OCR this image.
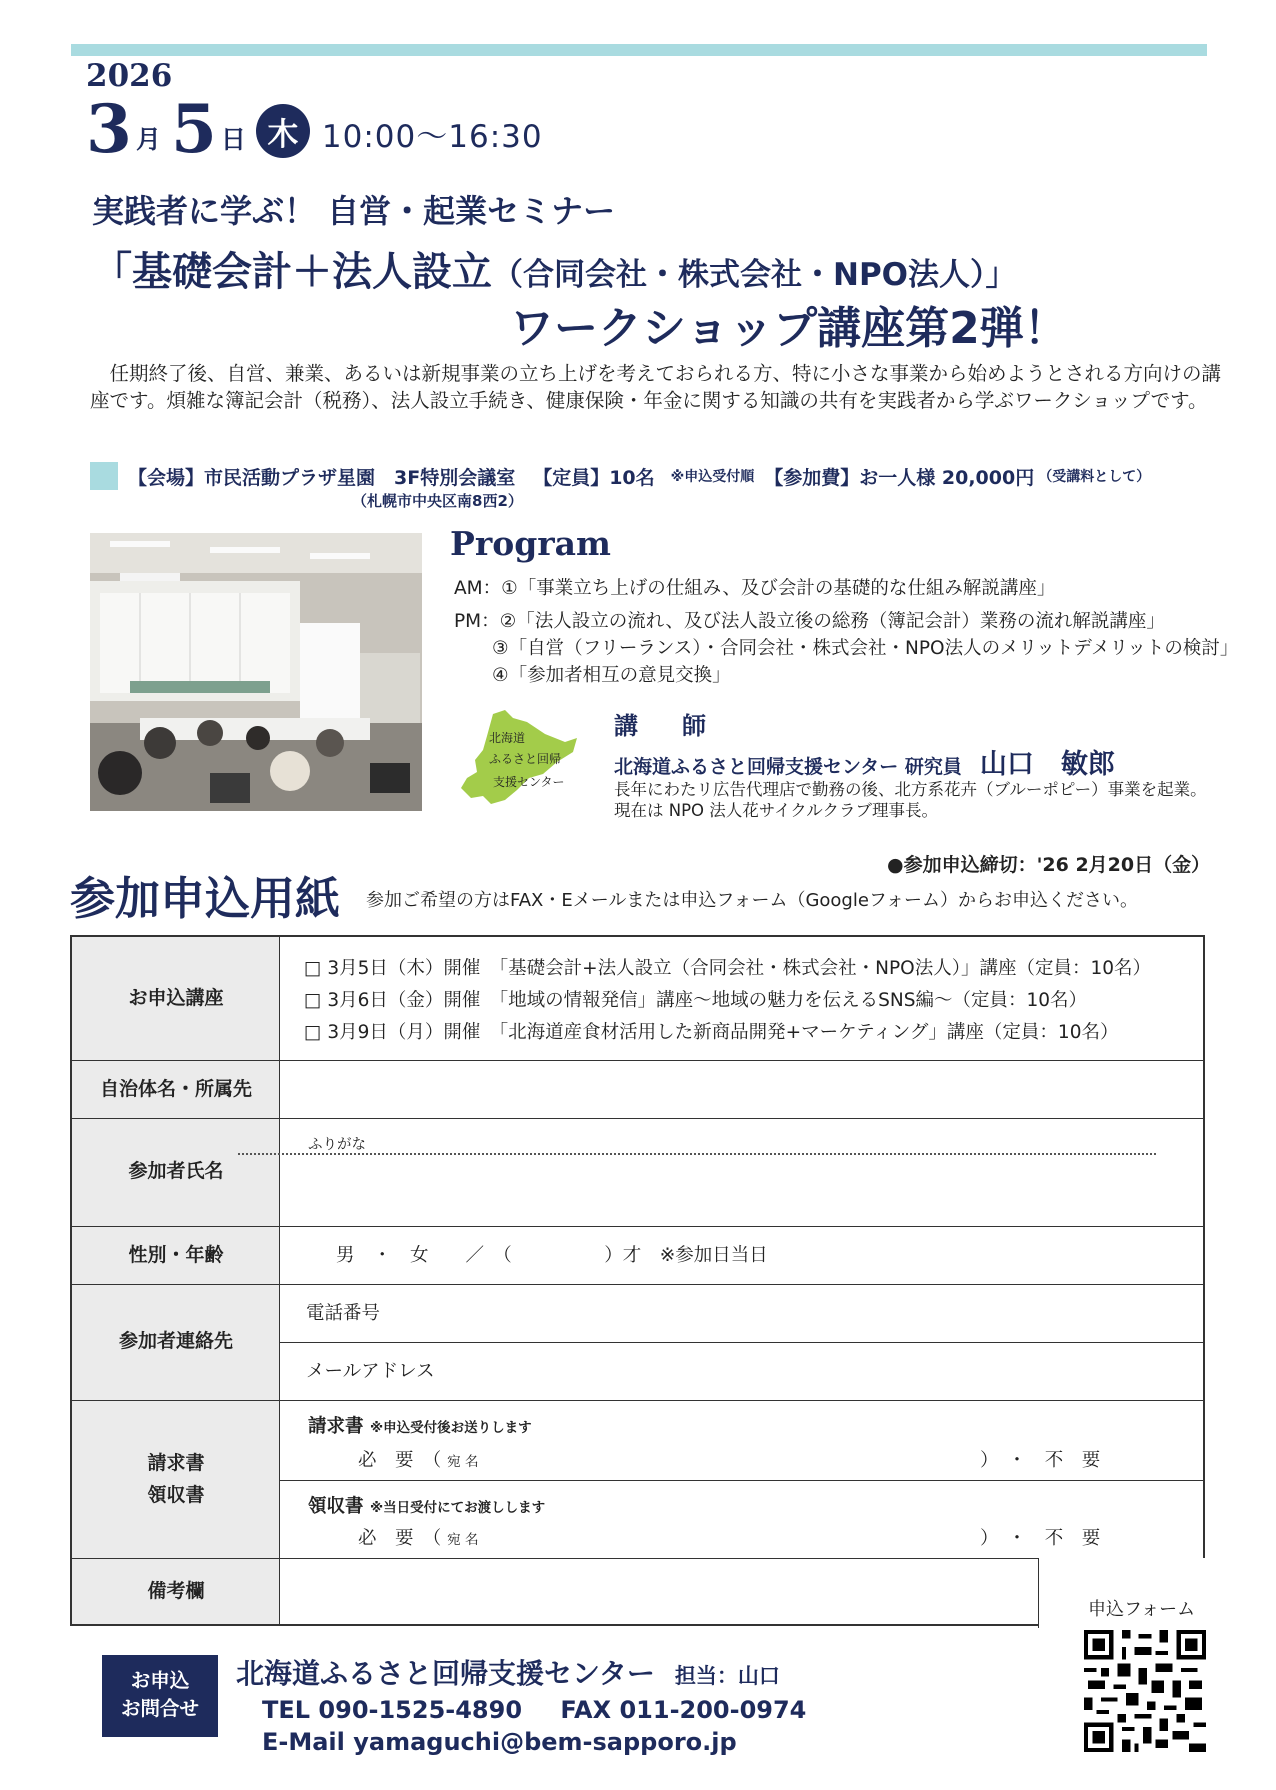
2026
3 月 5 日 木 10:00～16:30
実践者に学ぶ！ 自営・起業セミナー
「基礎会計＋法人設立（合同会社・株式会社・NPO法人）」
ワークショップ講座第2弾！
　任期終了後、自営、兼業、あるいは新規事業の立ち上げを考えておられる方、特に小さな事業から始めようとされる方向けの講座です。煩雑な簿記会計（税務）、法人設立手続き、健康保険・年金に関する知識の共有を実践者から学ぶワークショップです。
【会場】市民活動プラザ星園　3F特別会議室 【定員】10名 ※申込受付順 【参加費】お一人様 20,000円 （受講料として）
（札幌市中央区南8西2）
Program
AM：①「事業立ち上げの仕組み、及び会計の基礎的な仕組み解説講座」
PM：②「法人設立の流れ、及び法人設立後の総務（簿記会計）業務の流れ解説講座」
③「自営（フリーランス）・合同会社・株式会社・NPO法人のメリットデメリットの検討」
④「参加者相互の意見交換」
北海道
ふるさと回帰
支援センター
講　師
北海道ふるさと回帰支援センター 研究員 山口　敏郎
長年にわたリ広告代理店で勤務の後、北方系花卉（ブルーポピー）事業を起業。現在は NPO 法人花サイクルクラブ理事長。
●参加申込締切：'26 2月20日（金）
参加申込用紙 参加ご希望の方はFAX・Eメールまたは申込フォーム（Googleフォーム）からお申込ください。
お申込講座
自治体名・所属先
参加者氏名
性別・年齢
参加者連絡先
請求書
領収書
備考欄
□ 3月5日（木）開催　「基礎会計+法人設立（合同会社・株式会社・NPO法人）」講座（定員：10名）
□ 3月6日（金）開催　「地域の情報発信」講座～地域の魅力を伝えるSNS編～（定員：10名）
□ 3月9日（月）開催　「北海道産食材活用した新商品開発+マーケティング」講座（定員：10名）
ふりがな
男　・　女　　／　（　　　　　）才　※参加日当日
電話番号
メールアドレス
請求書 ※申込受付後お送りします
必　要　（ 宛 名	）　・　不　要
領収書 ※当日受付にてお渡しします
必　要　（ 宛 名	）　・　不　要
申込フォーム
お申込
お問合せ
北海道ふるさと回帰支援センター 担当：山口
TEL 090-1525-4890 FAX 011-200-0974
E-Mail yamaguchi@bem-sapporo.jp
